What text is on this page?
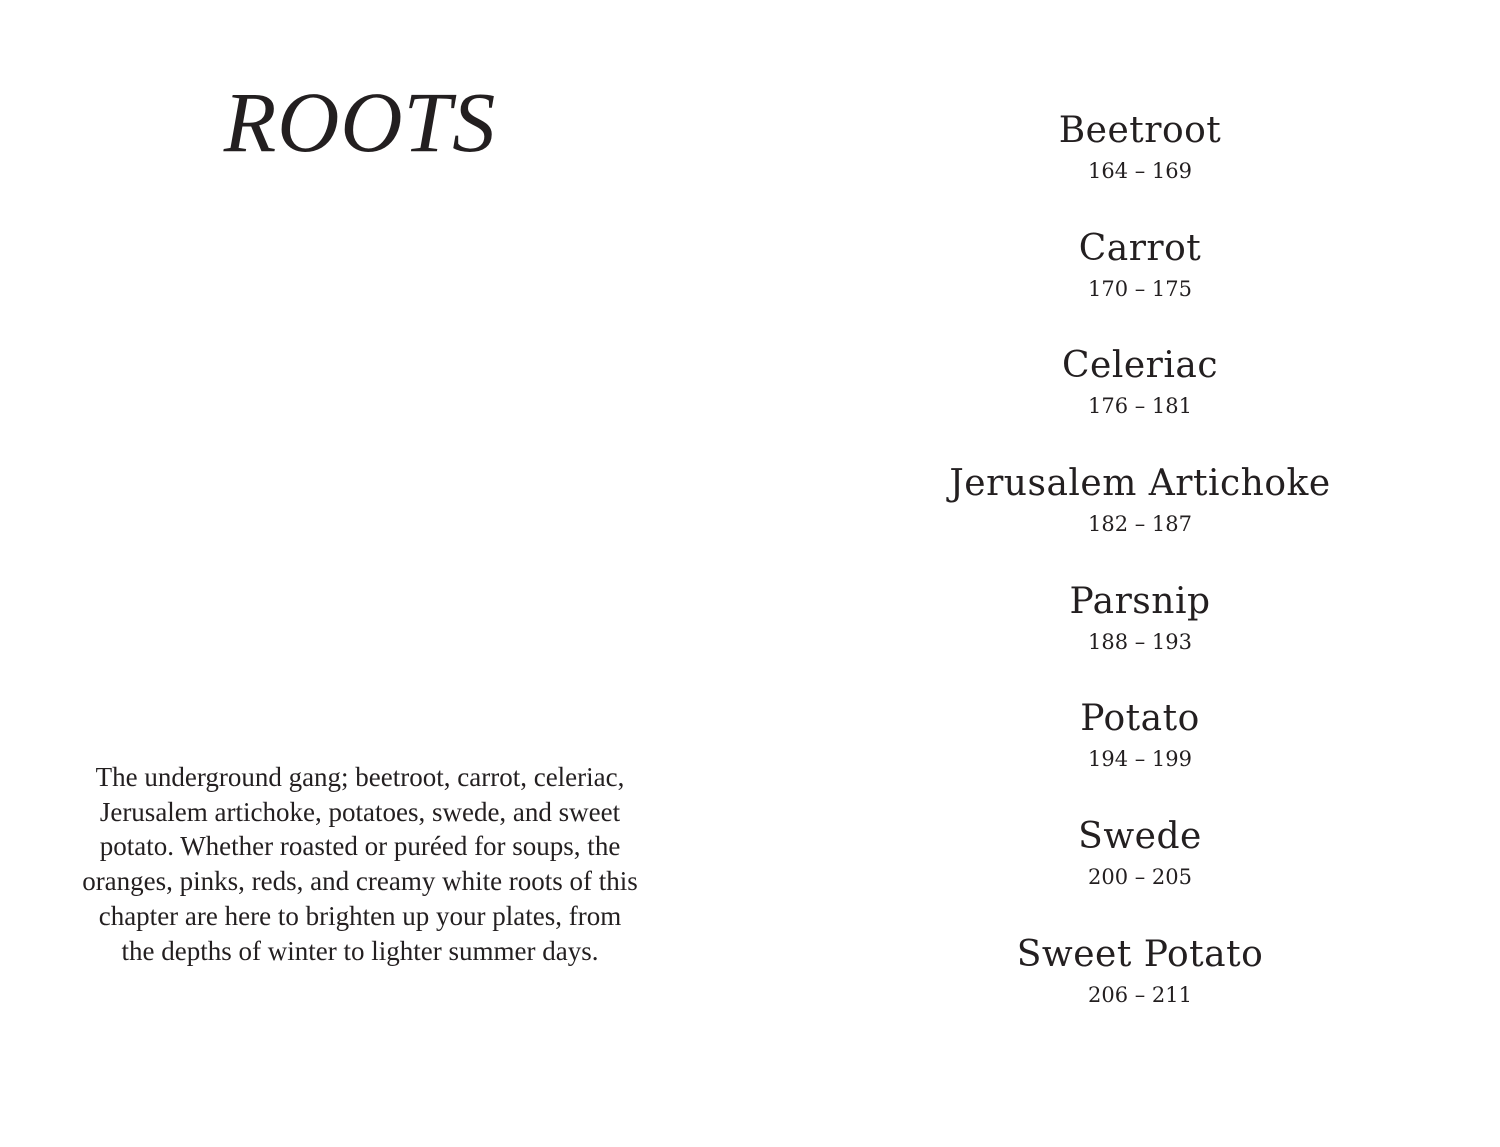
ROOTS

The underground gang; beetroot, carrot, celeriac, Jerusalem artichoke, potatoes, swede, and sweet potato. Whether roasted or puréed for soups, the oranges, pinks, reds, and creamy white roots of this chapter are here to brighten up your plates, from the depths of winter to lighter summer days.

Beetroot
164 – 169
Carrot
170 – 175
Celeriac
176 – 181
Jerusalem Artichoke
182 – 187
Parsnip
188 – 193
Potato
194 – 199
Swede
200 – 205
Sweet Potato
206 – 211
